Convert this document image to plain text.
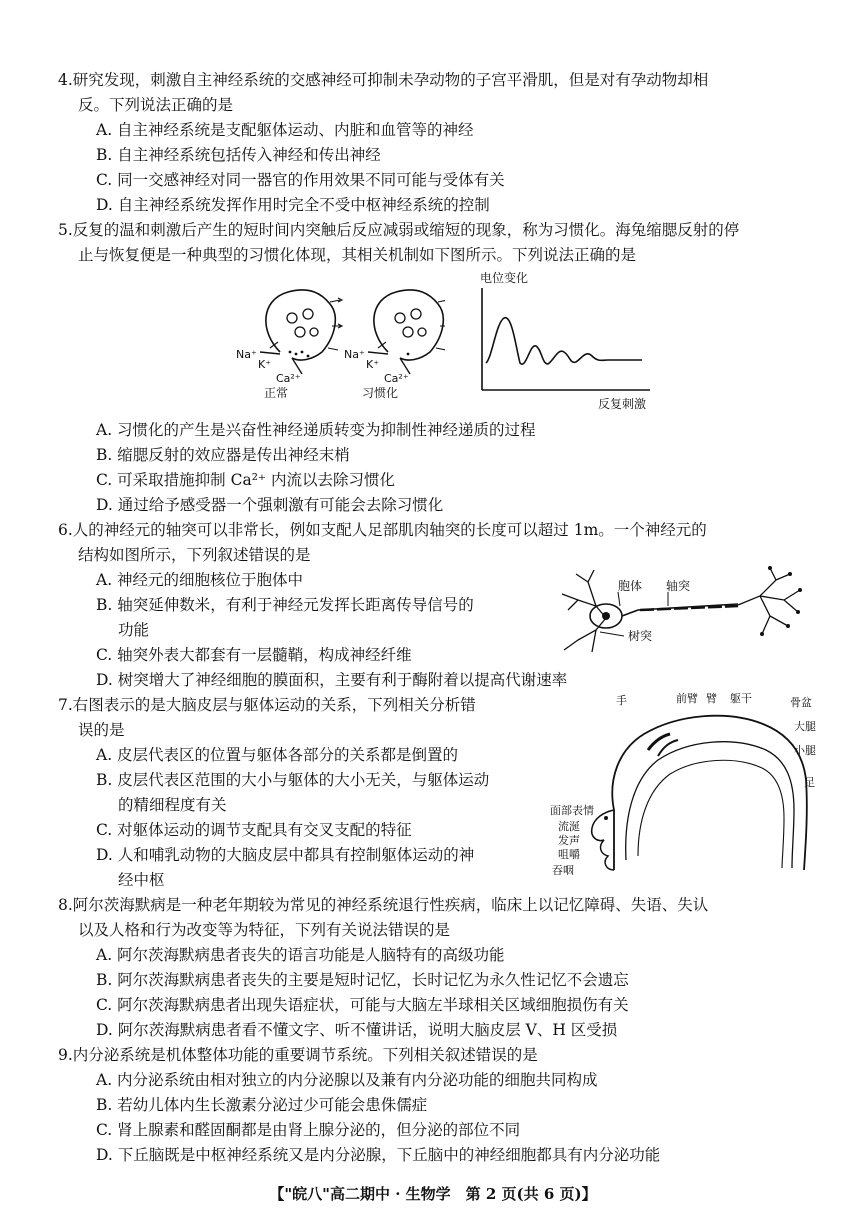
4.研究发现，刺激自主神经系统的交感神经可抑制未孕动物的子宫平滑肌，但是对有孕动物却相
反。下列说法正确的是
A. 自主神经系统是支配躯体运动、内脏和血管等的神经
B. 自主神经系统包括传入神经和传出神经
C. 同一交感神经对同一器官的作用效果不同可能与受体有关
D. 自主神经系统发挥作用时完全不受中枢神经系统的控制
5.反复的温和刺激后产生的短时间内突触后反应减弱或缩短的现象，称为习惯化。海兔缩腮反射的停
止与恢复便是一种典型的习惯化体现，其相关机制如下图所示。下列说法正确的是
Na⁺
K⁺
Ca²⁺
正常
Na⁺
K⁺
Ca²⁺
习惯化
电位变化
反复刺激
A. 习惯化的产生是兴奋性神经递质转变为抑制性神经递质的过程
B. 缩腮反射的效应器是传出神经末梢
C. 可采取措施抑制 Ca²⁺ 内流以去除习惯化
D. 通过给予感受器一个强刺激有可能会去除习惯化
6.人的神经元的轴突可以非常长，例如支配人足部肌肉轴突的长度可以超过 1m。一个神经元的
结构如图所示，下列叙述错误的是
A. 神经元的细胞核位于胞体中
B. 轴突延伸数米，有利于神经元发挥长距离传导信号的
功能
C. 轴突外表大都套有一层髓鞘，构成神经纤维
D. 树突增大了神经细胞的膜面积，主要有利于酶附着以提高代谢速率
胞体 轴突
树突
7.右图表示的是大脑皮层与躯体运动的关系，下列相关分析错
误的是
A. 皮层代表区的位置与躯体各部分的关系都是倒置的
B. 皮层代表区范围的大小与躯体的大小无关，与躯体运动
的精细程度有关
C. 对躯体运动的调节支配具有交叉支配的特征
D. 人和哺乳动物的大脑皮层中都具有控制躯体运动的神
经中枢
手	前臂 臂 躯干	骨盆
大腿
小腿
足
面部表情
流涎
发声
咀嚼
吞咽
8.阿尔茨海默病是一种老年期较为常见的神经系统退行性疾病，临床上以记忆障碍、失语、失认
以及人格和行为改变等为特征，下列有关说法错误的是
A. 阿尔茨海默病患者丧失的语言功能是人脑特有的高级功能
B. 阿尔茨海默病患者丧失的主要是短时记忆，长时记忆为永久性记忆不会遗忘
C. 阿尔茨海默病患者出现失语症状，可能与大脑左半球相关区域细胞损伤有关
D. 阿尔茨海默病患者看不懂文字、听不懂讲话，说明大脑皮层 V、H 区受损
9.内分泌系统是机体整体功能的重要调节系统。下列相关叙述错误的是
A. 内分泌系统由相对独立的内分泌腺以及兼有内分泌功能的细胞共同构成
B. 若幼儿体内生长激素分泌过少可能会患侏儒症
C. 肾上腺素和醛固酮都是由肾上腺分泌的，但分泌的部位不同
D. 下丘脑既是中枢神经系统又是内分泌腺，下丘脑中的神经细胞都具有内分泌功能
【"皖八"高二期中 · 生物学　第 2 页(共 6 页)】
